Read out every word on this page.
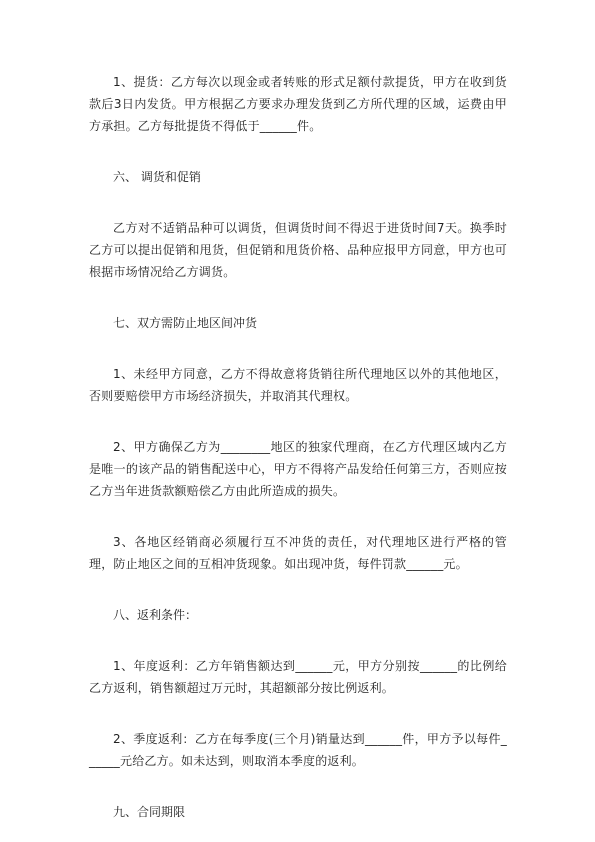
1、提货：乙方每次以现金或者转账的形式足额付款提货，甲方在收到货款后3日内发货。甲方根据乙方要求办理发货到乙方所代理的区域，运费由甲方承担。乙方每批提货不得低于______件。

六、 调货和促销

乙方对不适销品种可以调货，但调货时间不得迟于进货时间7天。换季时乙方可以提出促销和甩货，但促销和甩货价格、品种应报甲方同意，甲方也可根据市场情况给乙方调货。

七、双方需防止地区间冲货

1、未经甲方同意，乙方不得故意将货销往所代理地区以外的其他地区，否则要赔偿甲方市场经济损失，并取消其代理权。

2、甲方确保乙方为________地区的独家代理商，在乙方代理区域内乙方是唯一的该产品的销售配送中心，甲方不得将产品发给任何第三方，否则应按乙方当年进货款额赔偿乙方由此所造成的损失。

3、各地区经销商必须履行互不冲货的责任，对代理地区进行严格的管理，防止地区之间的互相冲货现象。如出现冲货，每件罚款______元。

八、返利条件：

1、年度返利：乙方年销售额达到______元，甲方分别按______的比例给乙方返利，销售额超过万元时，其超额部分按比例返利。

2、季度返利：乙方在每季度(三个月)销量达到______件，甲方予以每件______元给乙方。如未达到，则取消本季度的返利。

九、合同期限
